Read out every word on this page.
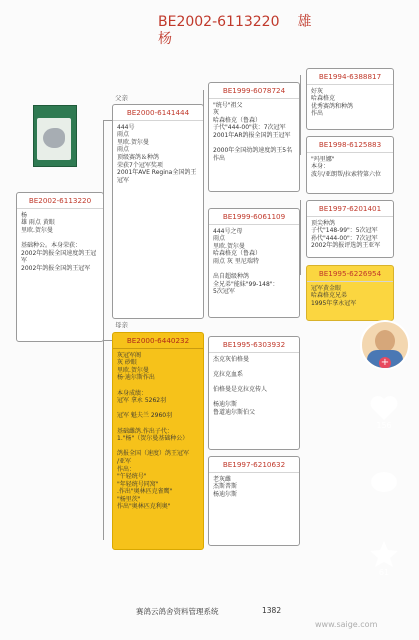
BE2002-6113220 雄
杨
父亲
母亲
BE2002-6113220
杨
雄 雨点 黄眼
里欧.贺尔曼

基础种公。本身荣获：
2002年鸽报全国速度鸽王冠军
2002年鸽报全国鸽王冠军
BE2000-6141444
444号
雨点
里欧.贺尔曼
雨点
顶级赛鸽＆种鸽
荣获7个冠军奖项
2001年AVE Regina全国鸽王冠军
BE2000-6440232
灰冠军阁
灰 砂眼
里欧.贺尔曼
杨·迪尔斯作出

本身成绩：
冠军 拿永 5262羽

冠军 魁夫兰 2960羽

基础雌鸽.作出子代：
1."杨"（贺尔曼基础种公）

鸽报全国（速度）鸽王冠军
/亚军
作出：
"午轻统号"
"年轻统号同窝"
.作出"奥林匹克雀鹰"
"杨里茨"
作出"奥林匹克利奥"
BE1999-6078724
"统号"祖父
灰
哈森格克（鲁森）
子代"444-00"获：7次冠军
2001年AR鸽报全国鸽王冠军

2000年全国幼鸽速度鸽王5名
作出
BE1999-6061109
444号之母
雨点
里欧.贺尔曼
哈森格克（鲁森）
雨点 灰 里尼瑞特

出自超级种鸽
全兄弟"能妹"99-148"：
5次冠军
BE1995-6303932
杰克灰伯格曼

克拉克血系

伯格曼是克拉克传人

杨迪尔斯
鲁道迪尔斯伯父
BE1997-6210632
老灰雌
杰斯普斯
杨迪尔斯
BE1994-6388817
好灰
哈森格克
优秀赛鸽和种鸽
作出
BE1998-6125883
"玛里娜"
本身：
波尔/亚朗帮/拉索特第六位
BE1997-6201401
顶尖种鸽
子代"148-99"：5次冠军
孙代"444-00"：7次冠军
2002年鸽报评选鸽王亚军
BE1995-6226954
冠军黄金眼
哈森格克兄弟
1995年拿永冠军
+
156
61
赛鸽云鸽舍资料管理系统	1382
www.saige.com
